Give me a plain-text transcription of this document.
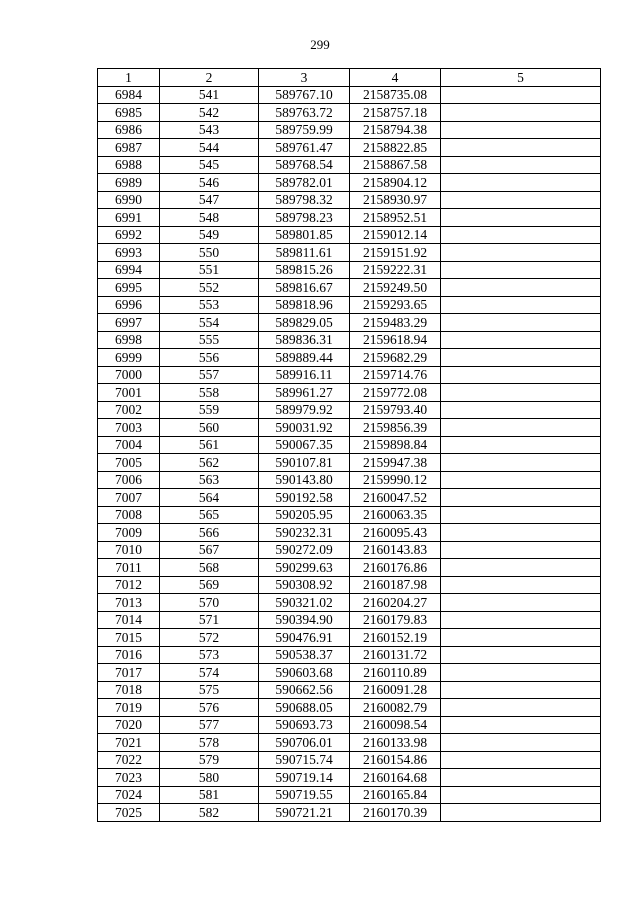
299
1	2	3	4	5
6984	541	589767.10	2158735.08	
6985	542	589763.72	2158757.18	
6986	543	589759.99	2158794.38	
6987	544	589761.47	2158822.85	
6988	545	589768.54	2158867.58	
6989	546	589782.01	2158904.12	
6990	547	589798.32	2158930.97	
6991	548	589798.23	2158952.51	
6992	549	589801.85	2159012.14	
6993	550	589811.61	2159151.92	
6994	551	589815.26	2159222.31	
6995	552	589816.67	2159249.50	
6996	553	589818.96	2159293.65	
6997	554	589829.05	2159483.29	
6998	555	589836.31	2159618.94	
6999	556	589889.44	2159682.29	
7000	557	589916.11	2159714.76	
7001	558	589961.27	2159772.08	
7002	559	589979.92	2159793.40	
7003	560	590031.92	2159856.39	
7004	561	590067.35	2159898.84	
7005	562	590107.81	2159947.38	
7006	563	590143.80	2159990.12	
7007	564	590192.58	2160047.52	
7008	565	590205.95	2160063.35	
7009	566	590232.31	2160095.43	
7010	567	590272.09	2160143.83	
7011	568	590299.63	2160176.86	
7012	569	590308.92	2160187.98	
7013	570	590321.02	2160204.27	
7014	571	590394.90	2160179.83	
7015	572	590476.91	2160152.19	
7016	573	590538.37	2160131.72	
7017	574	590603.68	2160110.89	
7018	575	590662.56	2160091.28	
7019	576	590688.05	2160082.79	
7020	577	590693.73	2160098.54	
7021	578	590706.01	2160133.98	
7022	579	590715.74	2160154.86	
7023	580	590719.14	2160164.68	
7024	581	590719.55	2160165.84	
7025	582	590721.21	2160170.39	
